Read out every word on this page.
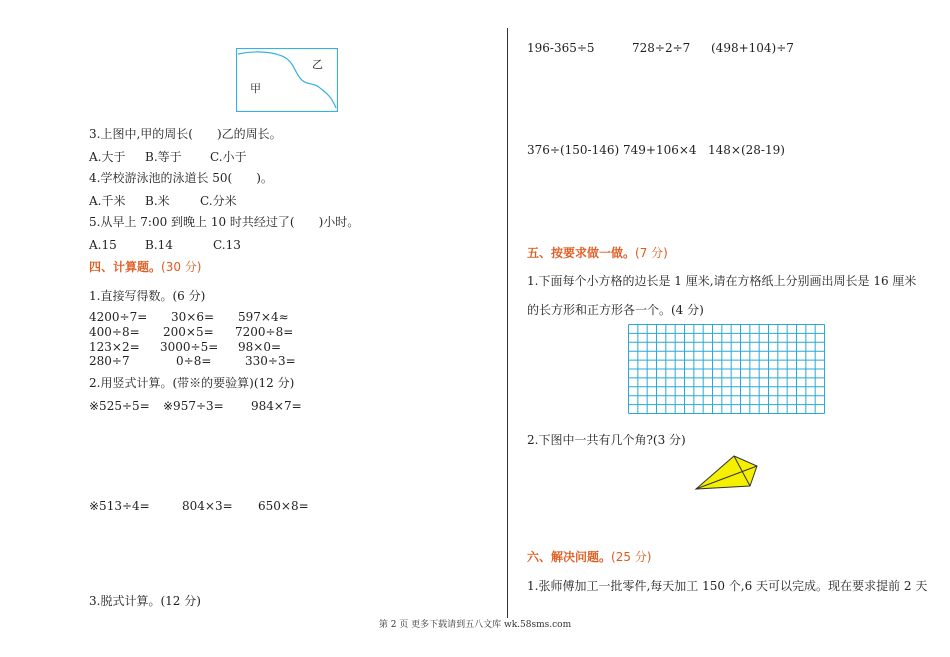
乙
甲
3.上图中,甲的周长(　　)乙的周长。
A.大于 B.等于 C.小于
4.学校游泳池的泳道长 50(　　)。
A.千米 B.米	C.分米
5.从早上 7:00 到晚上 10 时共经过了(　　)小时。
A.15 B.14	C.13
四、计算题。(30 分)
1.直接写得数。(6 分)
4200÷7= 30×6= 597×4≈
400÷8= 200×5= 7200÷8=
123×2= 3000÷5= 98×0=
280÷7	0÷8=	330÷3=
2.用竖式计算。(带※的要验算)(12 分)
※525÷5= ※957÷3= 984×7=
※513÷4=	804×3= 650×8=
3.脱式计算。(12 分)
196-365÷5	728÷2÷7 (498+104)÷7
376÷(150-146) 749+106×4 148×(28-19)
五、按要求做一做。(7 分)
1.下面每个小方格的边长是 1 厘米,请在方格纸上分别画出周长是 16 厘米
的长方形和正方形各一个。(4 分)
2.下图中一共有几个角?(3 分)
六、解决问题。(25 分)
1.张师傅加工一批零件,每天加工 150 个,6 天可以完成。现在要求提前 2 天
第 2 页 更多下载请到五八文库 wk.58sms.com
